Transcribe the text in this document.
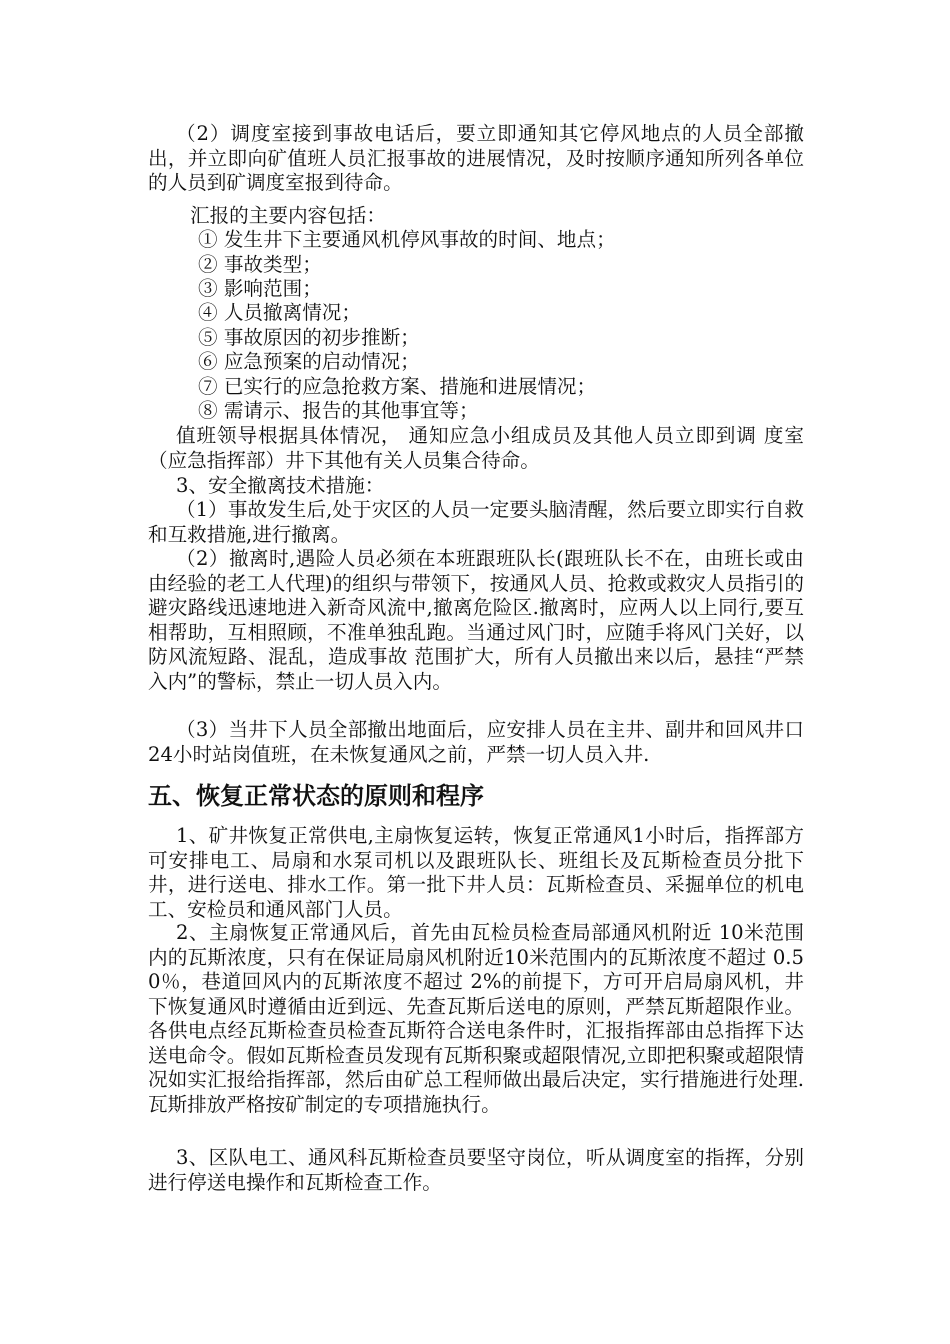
（2）调度室接到事故电话后，要立即通知其它停风地点的人员全部撤出，并立即向矿值班人员汇报事故的进展情况，及时按顺序通知所列各单位的人员到矿调度室报到待命。

汇报的主要内容包括：

① 发生井下主要通风机停风事故的时间、地点；

② 事故类型；

③ 影响范围；

④ 人员撤离情况；

⑤ 事故原因的初步推断；

⑥ 应急预案的启动情况；

⑦ 已实行的应急抢救方案、措施和进展情况；

⑧ 需请示、报告的其他事宜等；

值班领导根据具体情况， 通知应急小组成员及其他人员立即到调 度室（应急指挥部）井下其他有关人员集合待命。

3、安全撤离技术措施：

（1）事故发生后,处于灾区的人员一定要头脑清醒，然后要立即实行自救和互救措施,进行撤离。

（2）撤离时,遇险人员必须在本班跟班队长(跟班队长不在，由班长或由由经验的老工人代理)的组织与带领下，按通风人员、抢救或救灾人员指引的避灾路线迅速地进入新奇风流中,撤离危险区.撤离时，应两人以上同行,要互相帮助，互相照顾，不准单独乱跑。当通过风门时，应随手将风门关好，以防风流短路、混乱，造成事故 范围扩大，所有人员撤出来以后，悬挂“严禁入内”的警标，禁止一切人员入内。

（3）当井下人员全部撤出地面后，应安排人员在主井、副井和回风井口24小时站岗值班，在未恢复通风之前，严禁一切人员入井.

五、恢复正常状态的原则和程序

1、矿井恢复正常供电,主扇恢复运转，恢复正常通风1小时后，指挥部方可安排电工、局扇和水泵司机以及跟班队长、班组长及瓦斯检查员分批下井，进行送电、排水工作。第一批下井人员：瓦斯检查员、采掘单位的机电工、安检员和通风部门人员。

2、主扇恢复正常通风后，首先由瓦检员检查局部通风机附近 10米范围内的瓦斯浓度，只有在保证局扇风机附近10米范围内的瓦斯浓度不超过 0.50％，巷道回风内的瓦斯浓度不超过 2%的前提下，方可开启局扇风机，井下恢复通风时遵循由近到远、先查瓦斯后送电的原则，严禁瓦斯超限作业。各供电点经瓦斯检查员检查瓦斯符合送电条件时，汇报指挥部由总指挥下达送电命令。假如瓦斯检查员发现有瓦斯积聚或超限情况,立即把积聚或超限情况如实汇报给指挥部，然后由矿总工程师做出最后决定，实行措施进行处理.瓦斯排放严格按矿制定的专项措施执行。

3、区队电工、通风科瓦斯检查员要坚守岗位，听从调度室的指挥，分别进行停送电操作和瓦斯检查工作。
